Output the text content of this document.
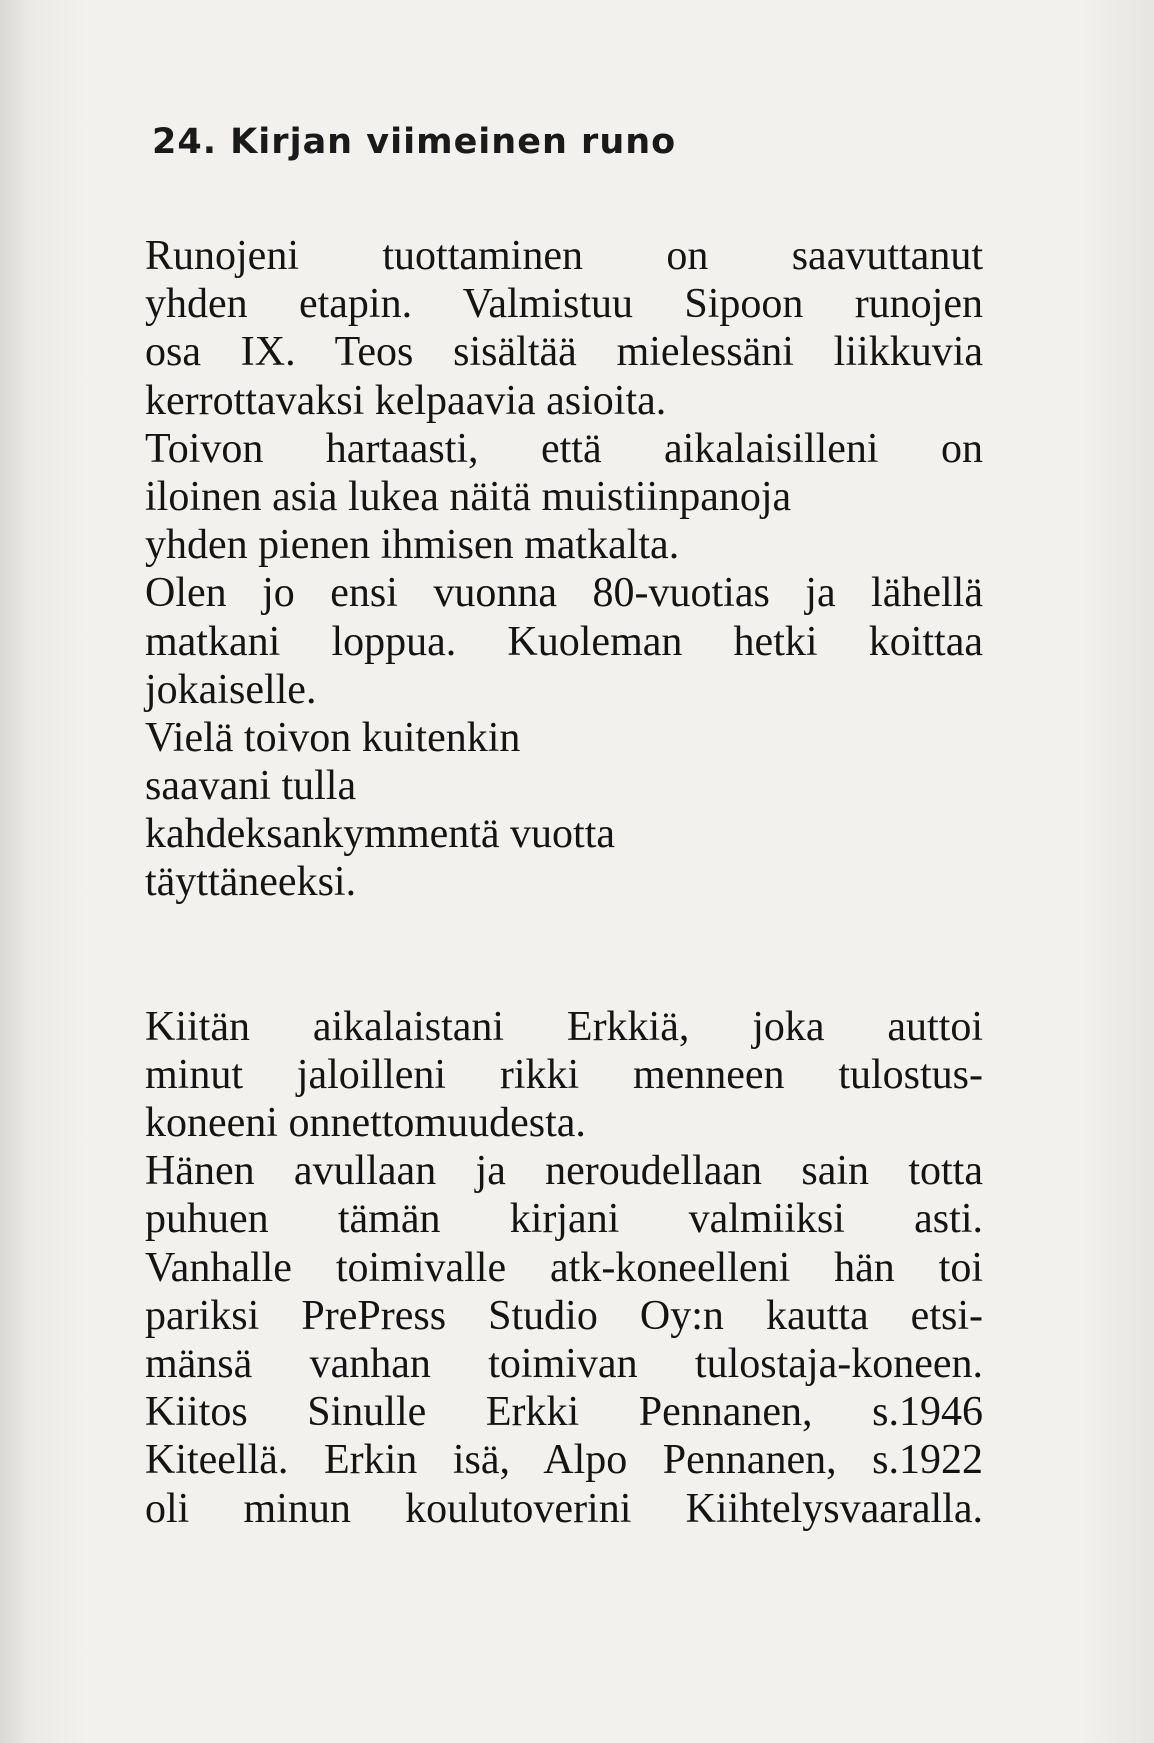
24. Kirjan viimeinen runo
Runojeni tuottaminen on saavuttanut
yhden etapin. Valmistuu Sipoon runojen
osa IX. Teos sisältää mielessäni liikkuvia
kerrottavaksi kelpaavia asioita.
Toivon hartaasti, että aikalaisilleni on
iloinen asia lukea näitä muistiinpanoja
yhden pienen ihmisen matkalta.
Olen jo ensi vuonna 80-vuotias ja lähellä
matkani loppua. Kuoleman hetki koittaa
jokaiselle.
Vielä toivon kuitenkin
saavani tulla
kahdeksankymmentä vuotta
täyttäneeksi.
Kiitän aikalaistani Erkkiä, joka auttoi
minut jaloilleni rikki menneen tulostus-
koneeni onnettomuudesta.
Hänen avullaan ja neroudellaan sain totta
puhuen tämän kirjani valmiiksi asti.
Vanhalle toimivalle atk-koneelleni hän toi
pariksi PrePress Studio Oy:n kautta etsi-
mänsä vanhan toimivan tulostaja-koneen.
Kiitos Sinulle Erkki Pennanen, s.1946
Kiteellä. Erkin isä, Alpo Pennanen, s.1922
oli minun koulutoverini Kiihtelysvaaralla.
